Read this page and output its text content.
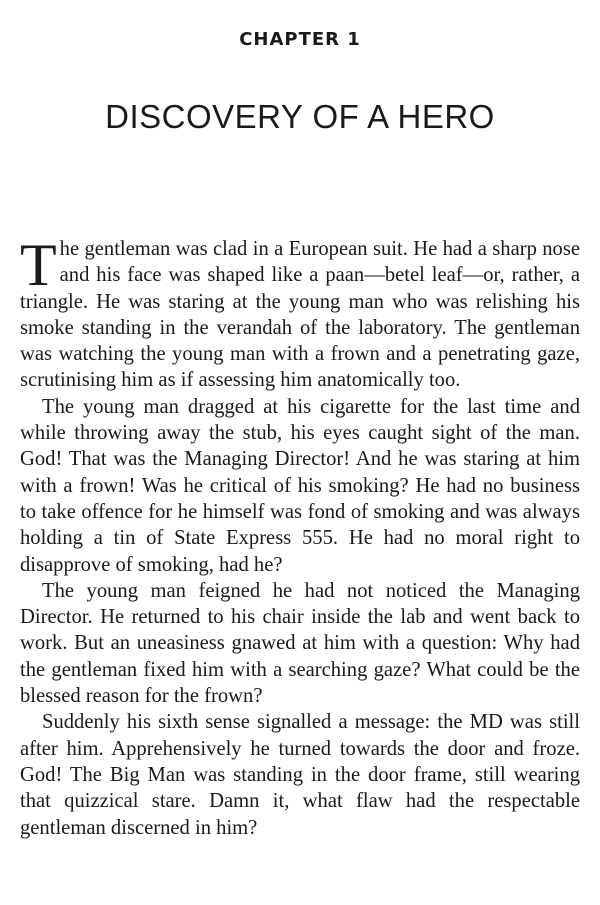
CHAPTER 1
DISCOVERY OF A HERO

The gentleman was clad in a European suit. He had a sharp nose and his face was shaped like a paan—betel leaf—or, rather, a triangle. He was staring at the young man who was relishing his smoke standing in the verandah of the laboratory. The gentleman was watching the young man with a frown and a penetrating gaze, scrutinising him as if assessing him anatomically too.

The young man dragged at his cigarette for the last time and while throwing away the stub, his eyes caught sight of the man. God! That was the Managing Director! And he was staring at him with a frown! Was he critical of his smoking? He had no business to take offence for he himself was fond of smoking and was always holding a tin of State Express 555. He had no moral right to disapprove of smoking, had he?

The young man feigned he had not noticed the Managing Director. He returned to his chair inside the lab and went back to work. But an uneasiness gnawed at him with a question: Why had the gentleman fixed him with a searching gaze? What could be the blessed reason for the frown?

Suddenly his sixth sense signalled a message: the MD was still after him. Apprehensively he turned towards the door and froze. God! The Big Man was standing in the door frame, still wearing that quizzical stare. Damn it, what flaw had the respectable gentleman discerned in him?
